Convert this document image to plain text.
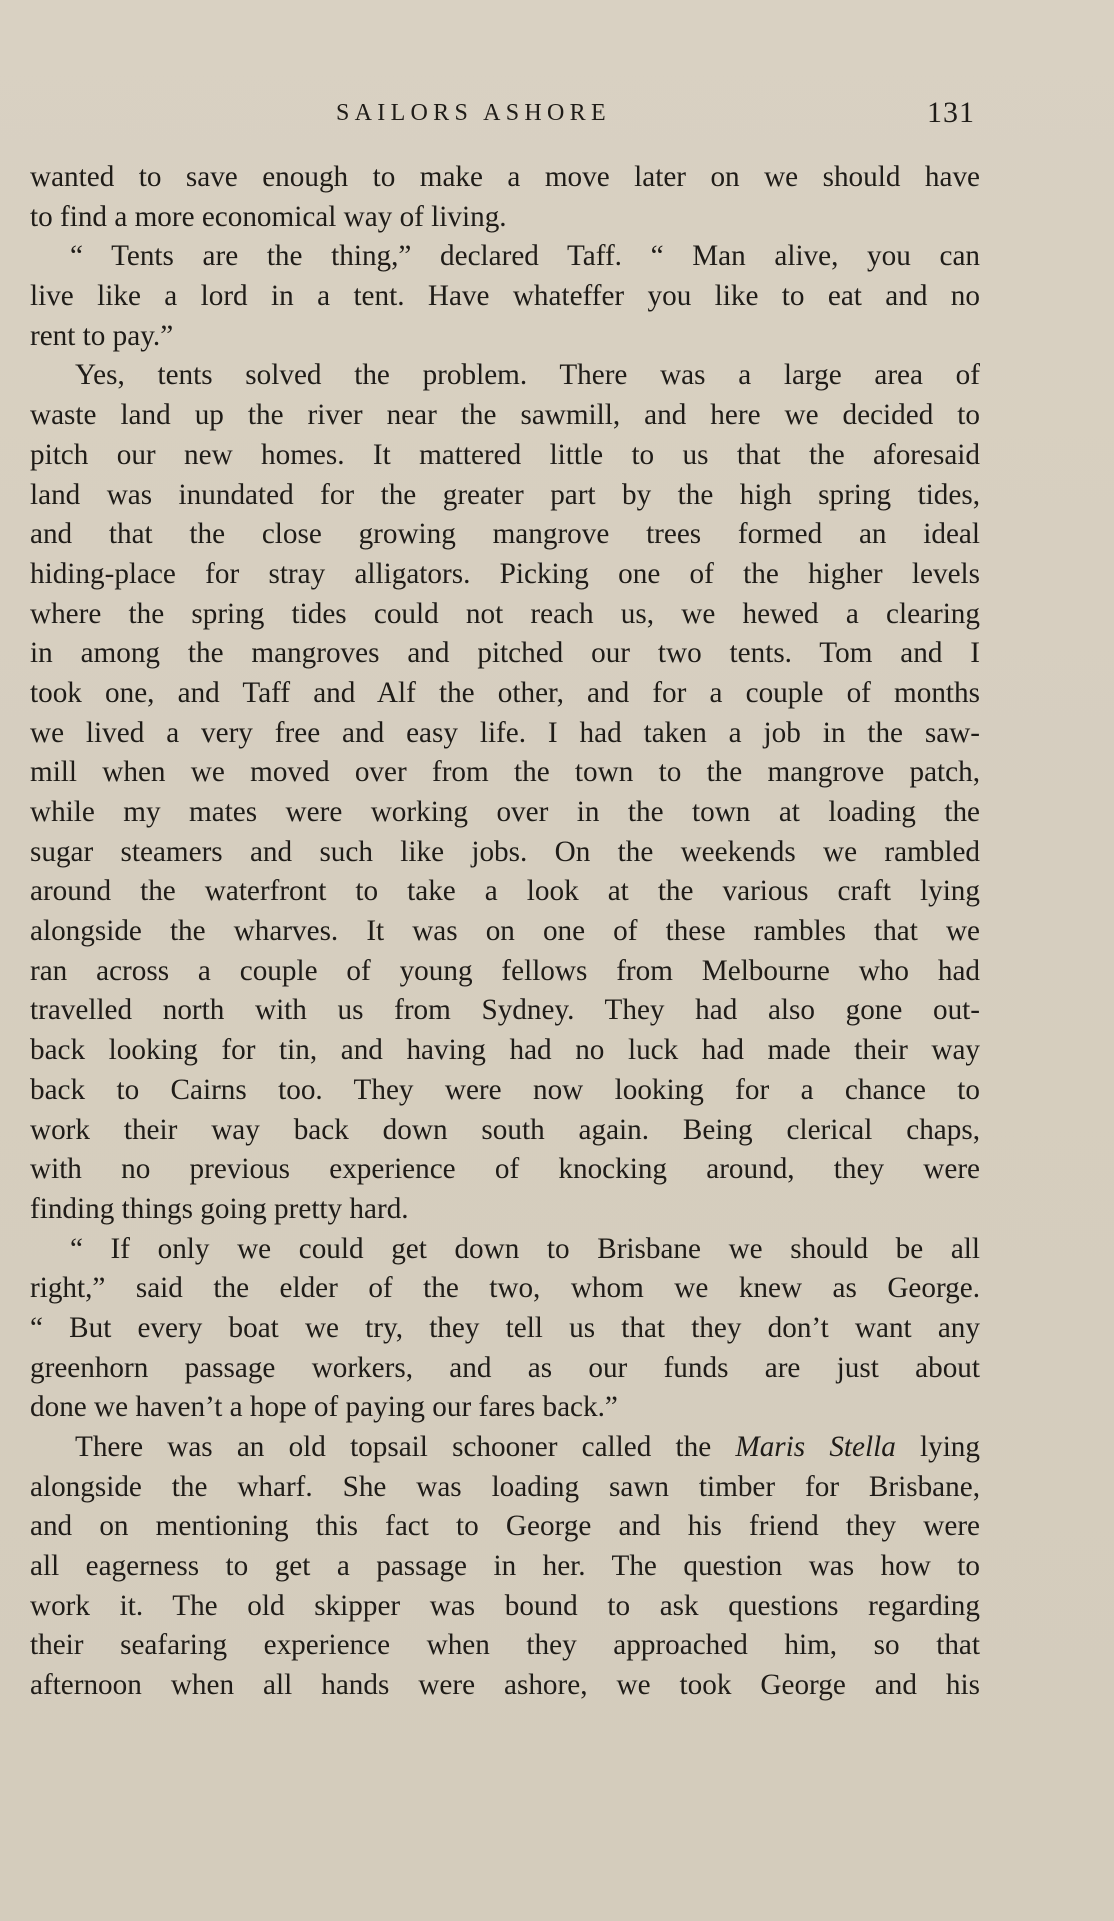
SAILORS ASHORE	131
wanted to save enough to make a move later on we should have
to find a more economical way of living.
“ Tents are the thing,” declared Taff. “ Man alive, you can
live like a lord in a tent. Have whateffer you like to eat and no
rent to pay.”
Yes, tents solved the problem. There was a large area of
waste land up the river near the sawmill, and here we decided to
pitch our new homes. It mattered little to us that the aforesaid
land was inundated for the greater part by the high spring tides,
and that the close growing mangrove trees formed an ideal
hiding-place for stray alligators. Picking one of the higher levels
where the spring tides could not reach us, we hewed a clearing
in among the mangroves and pitched our two tents. Tom and I
took one, and Taff and Alf the other, and for a couple of months
we lived a very free and easy life. I had taken a job in the saw-
mill when we moved over from the town to the mangrove patch,
while my mates were working over in the town at loading the
sugar steamers and such like jobs. On the weekends we rambled
around the waterfront to take a look at the various craft lying
alongside the wharves. It was on one of these rambles that we
ran across a couple of young fellows from Melbourne who had
travelled north with us from Sydney. They had also gone out-
back looking for tin, and having had no luck had made their way
back to Cairns too. They were now looking for a chance to
work their way back down south again. Being clerical chaps,
with no previous experience of knocking around, they were
finding things going pretty hard.
“ If only we could get down to Brisbane we should be all
right,” said the elder of the two, whom we knew as George.
“ But every boat we try, they tell us that they don’t want any
greenhorn passage workers, and as our funds are just about
done we haven’t a hope of paying our fares back.”
There was an old topsail schooner called the Maris Stella lying
alongside the wharf. She was loading sawn timber for Brisbane,
and on mentioning this fact to George and his friend they were
all eagerness to get a passage in her. The question was how to
work it. The old skipper was bound to ask questions regarding
their seafaring experience when they approached him, so that
afternoon when all hands were ashore, we took George and his
